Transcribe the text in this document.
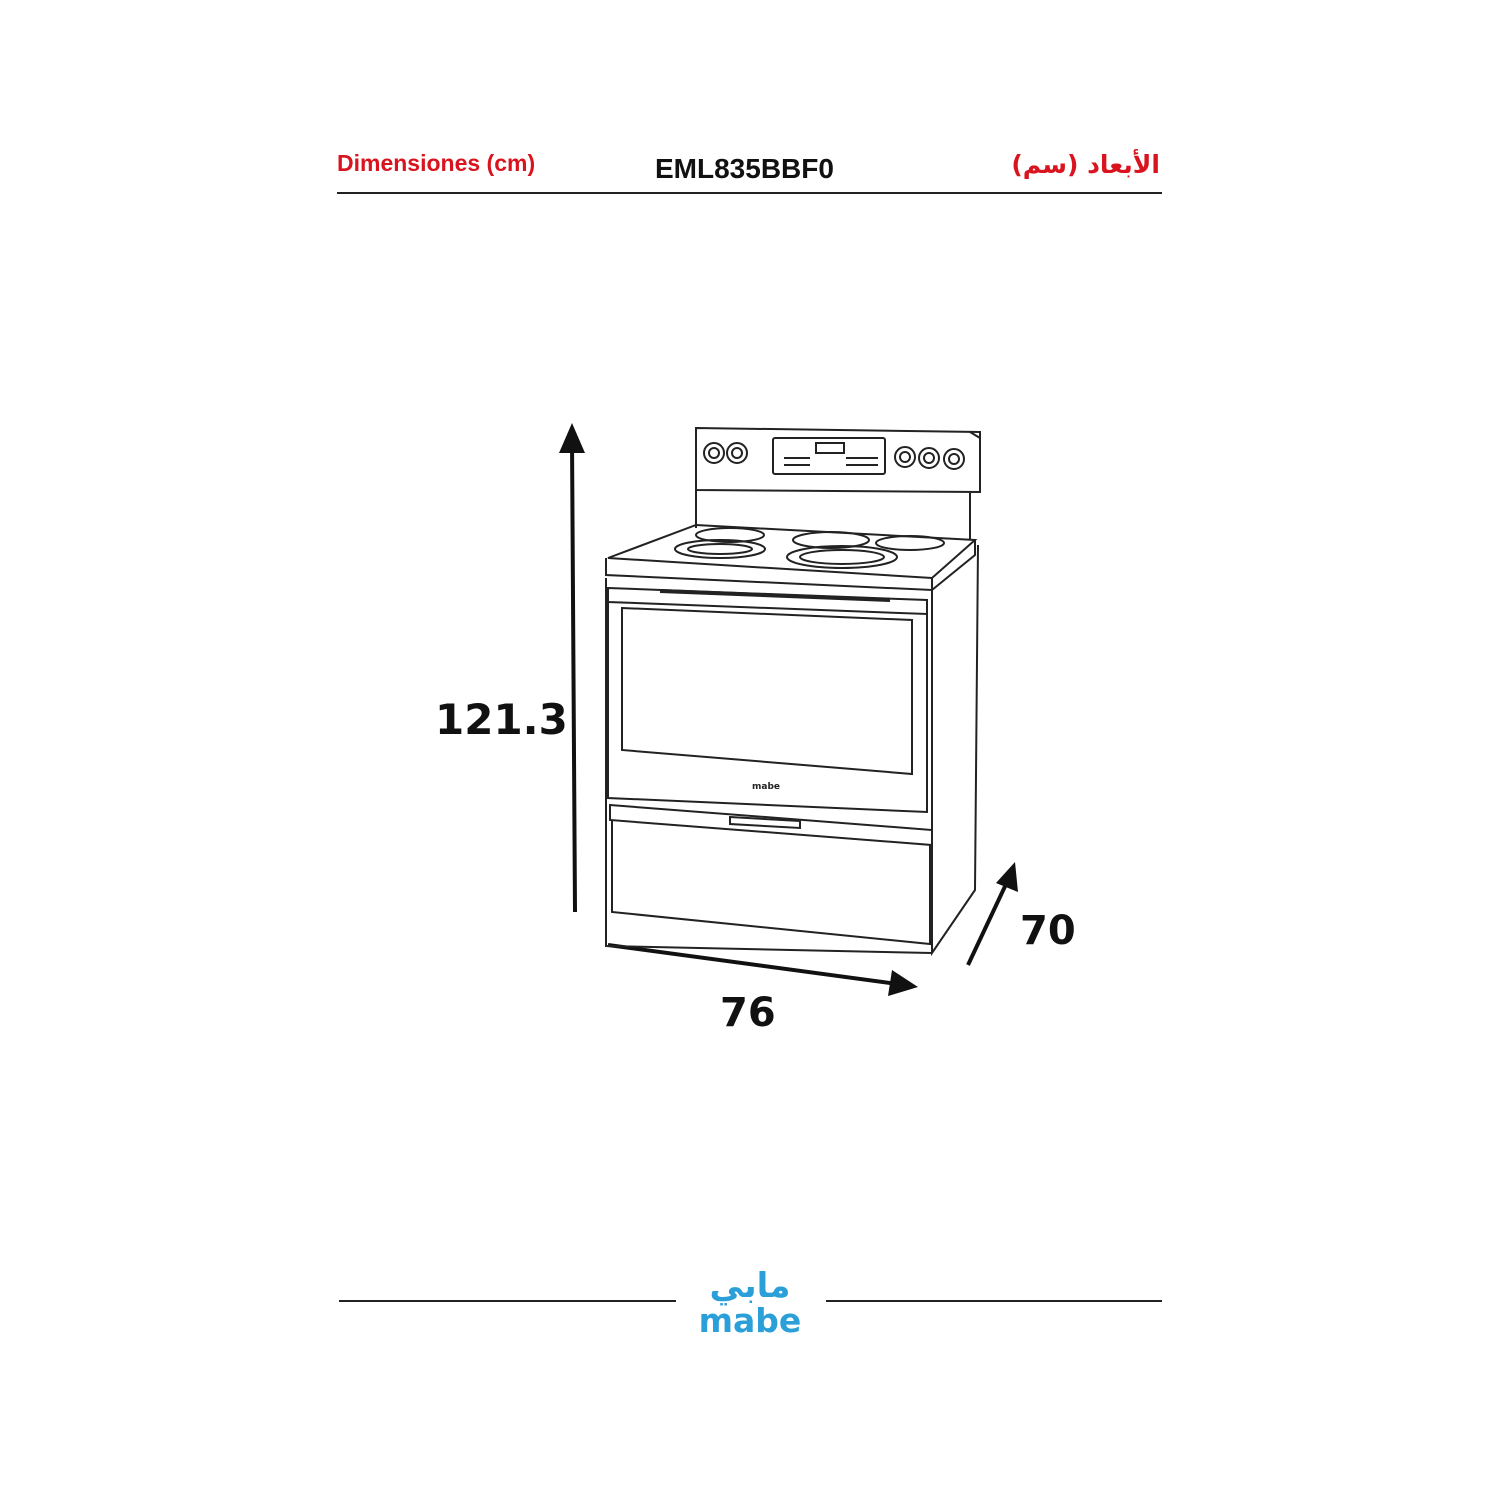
Dimensiones (cm)	EML835BBF0	الأبعاد (سم)
mabe
121.3
76
70
مابي
mabe
